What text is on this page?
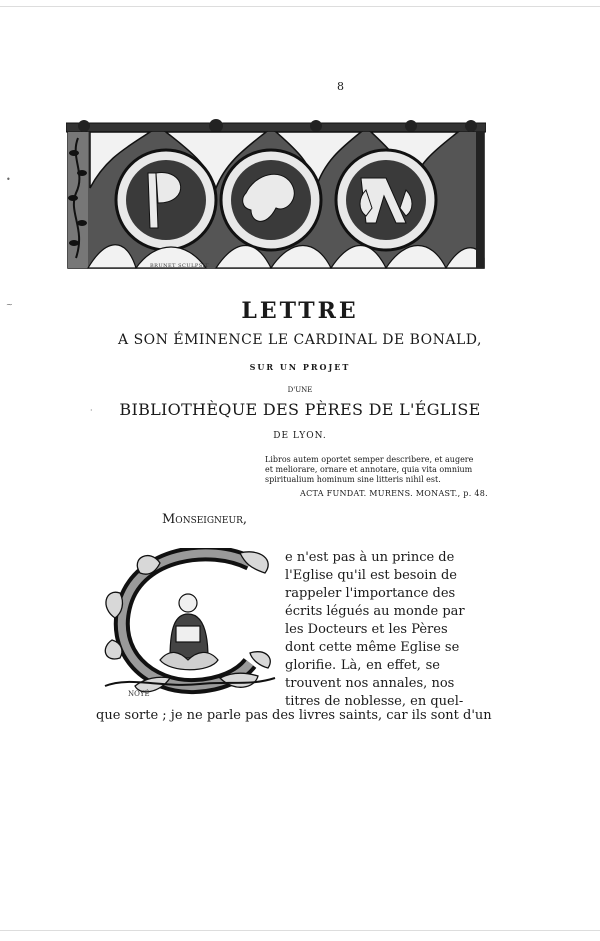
•
~
·
8
BRUNET SCULPSIT
LETTRE
A SON ÉMINENCE LE CARDINAL DE BONALD,
SUR UN PROJET
D'UNE
BIBLIOTHÈQUE DES PÈRES DE L'ÉGLISE
DE LYON.
Libros autem oportet semper describere, et augere et meliorare, ornare et annotare, quia vita omnium spiritualium hominum sine litteris nihil est.
ACTA FUNDAT. MURENS. MONAST., p. 48.
Monseigneur,
NOYÉ
e n'est pas à un prince de
l'Eglise qu'il est besoin de
rappeler l'importance des
écrits légués au monde par
les Docteurs et les Pères
dont cette même Eglise se
glorifie. Là, en effet, se
trouvent nos annales, nos
titres de noblesse, en quel-
que sorte ; je ne parle pas des livres saints, car ils sont d'un
